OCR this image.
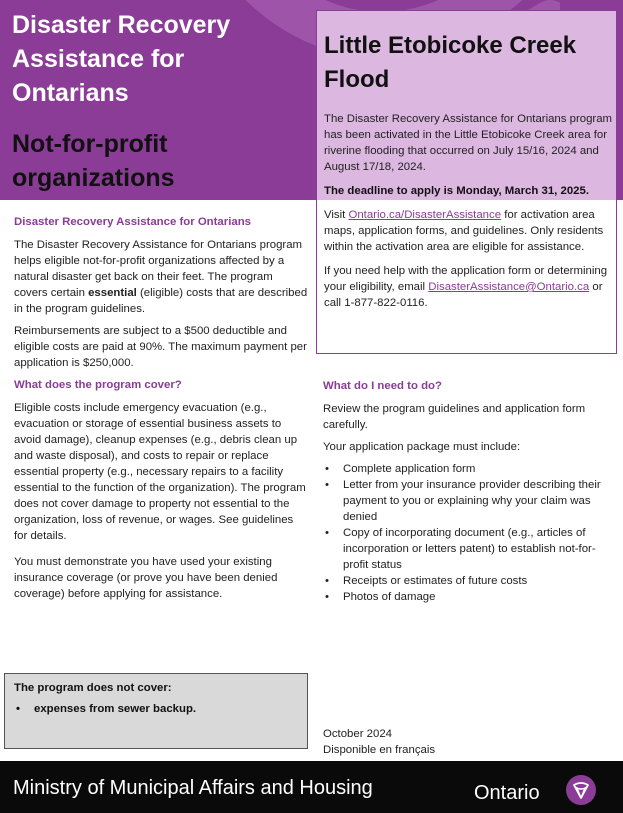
Disaster Recovery
Assistance for
Ontarians
Not-for-profit
organizations
Little Etobicoke Creek
Flood

The Disaster Recovery Assistance for Ontarians program has been activated in the Little Etobicoke Creek area for riverine flooding that occurred on July 15/16, 2024 and August 17/18, 2024.

The deadline to apply is Monday, March 31, 2025.

Visit Ontario.ca/DisasterAssistance for activation area maps, application forms, and guidelines. Only residents within the activation area are eligible for assistance.

If you need help with the application form or determining your eligibility, email DisasterAssistance@Ontario.ca or call 1-877-822-0116.

Disaster Recovery Assistance for Ontarians

The Disaster Recovery Assistance for Ontarians program helps eligible not-for-profit organizations affected by a natural disaster get back on their feet. The program covers certain essential (eligible) costs that are described in the program guidelines.

Reimbursements are subject to a $500 deductible and eligible costs are paid at 90%. The maximum payment per application is $250,000.

What does the program cover?

Eligible costs include emergency evacuation (e.g., evacuation or storage of essential business assets to avoid damage), cleanup expenses (e.g., debris clean up and waste disposal), and costs to repair or replace essential property (e.g., necessary repairs to a facility essential to the function of the organization). The program does not cover damage to property not essential to the organization, loss of revenue, or wages. See guidelines for details.

You must demonstrate you have used your existing insurance coverage (or prove you have been denied coverage) before applying for assistance.

The program does not cover:
• expenses from sewer backup.
What do I need to do?

Review the program guidelines and application form carefully.

Your application package must include:

• Complete application form
• Letter from your insurance provider describing their payment to you or explaining why your claim was denied
• Copy of incorporating document (e.g., articles of incorporation or letters patent) to establish not-for-profit status
• Receipts or estimates of future costs
• Photos of damage
October 2024
Disponible en français
Ministry of Municipal Affairs and Housing	Ontario
